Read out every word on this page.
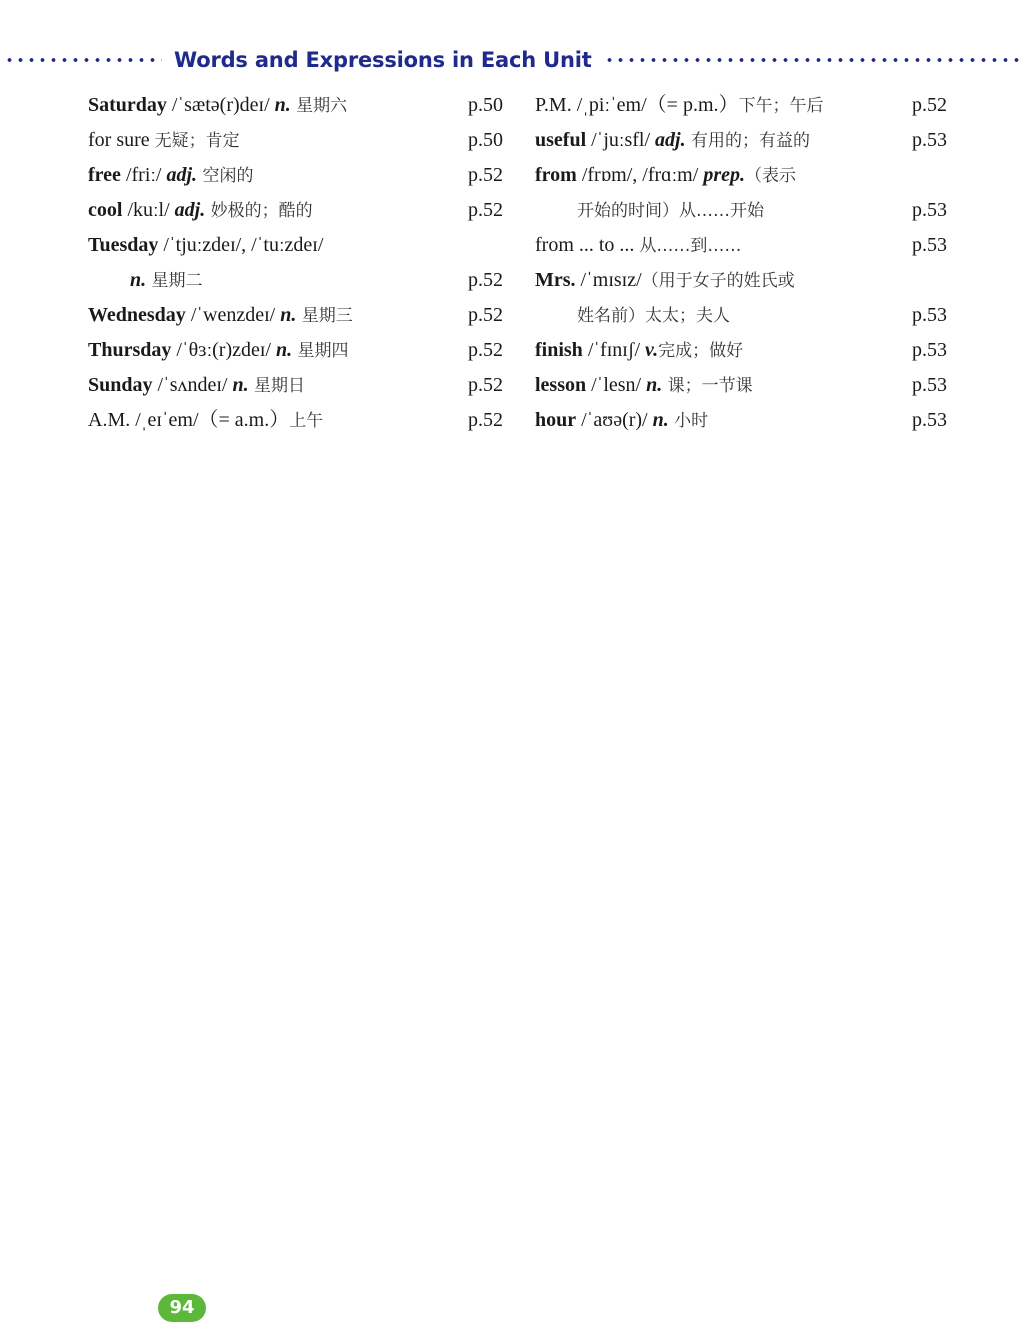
Words and Expressions in Each Unit
Saturday /ˈsætə(r)deɪ/ n. 星期六	p.50
for sure 无疑；肯定	p.50
free /friː/ adj. 空闲的	p.52
cool /kuːl/ adj. 妙极的；酷的	p.52
Tuesday /ˈtjuːzdeɪ/, /ˈtuːzdeɪ/
n. 星期二	p.52
Wednesday /ˈwenzdeɪ/ n. 星期三	p.52
Thursday /ˈθɜː(r)zdeɪ/ n. 星期四	p.52
Sunday /ˈsʌndeɪ/ n. 星期日	p.52
A.M. /ˌeɪˈem/（= a.m.）上午	p.52
P.M. /ˌpiːˈem/（= p.m.）下午；午后	p.52
useful /ˈjuːsfl/ adj. 有用的；有益的	p.53
from /frɒm/, /frɑːm/ prep.（表示
开始的时间）从……开始	p.53
from ... to ... 从……到……	p.53
Mrs. /ˈmɪsɪz/（用于女子的姓氏或
姓名前）太太；夫人	p.53
finish /ˈfɪnɪʃ/ v.完成；做好	p.53
lesson /ˈlesn/ n. 课；一节课	p.53
hour /ˈaʊə(r)/ n. 小时	p.53
94
